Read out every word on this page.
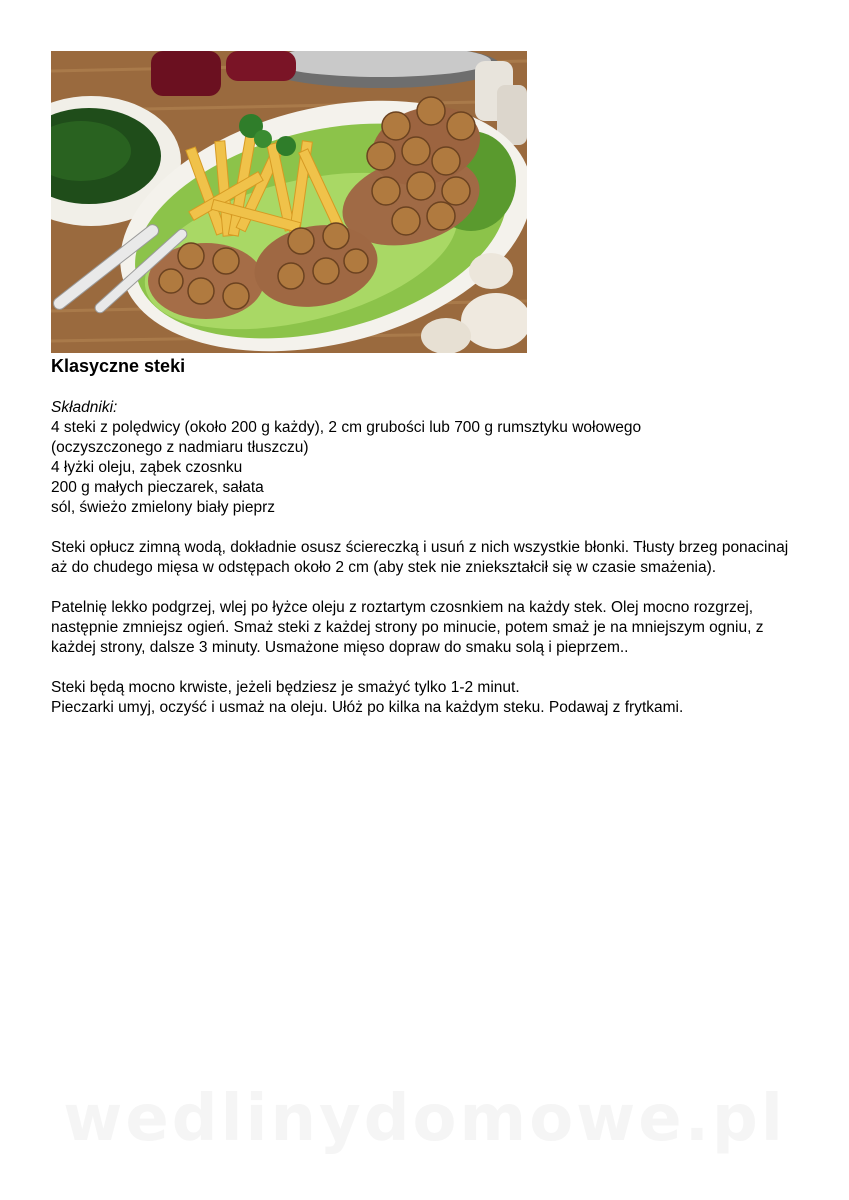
Klasyczne steki

Składniki:
4 steki z polędwicy (około 200 g każdy), 2 cm grubości lub 700 g rumsztyku wołowego
(oczyszczonego z nadmiaru tłuszczu)
4 łyżki oleju, ząbek czosnku
200 g małych pieczarek, sałata
sól, świeżo zmielony biały pieprz

Steki opłucz zimną wodą, dokładnie osusz ściereczką i usuń z nich wszystkie błonki. Tłusty brzeg ponacinaj aż do chudego mięsa w odstępach około 2 cm (aby stek nie zniekształcił się w czasie smażenia).

Patelnię lekko podgrzej, wlej po łyżce oleju z roztartym czosnkiem na każdy stek. Olej mocno rozgrzej, następnie zmniejsz ogień. Smaż steki z każdej strony po minucie, potem smaż je na mniejszym ogniu, z każdej strony, dalsze 3 minuty. Usmażone mięso dopraw do smaku solą i pieprzem..

Steki będą mocno krwiste, jeżeli będziesz je smażyć tylko 1-2 minut.
Pieczarki umyj, oczyść i usmaż na oleju. Ułóż po kilka na każdym steku. Podawaj z frytkami.

wedlinydomowe.pl
